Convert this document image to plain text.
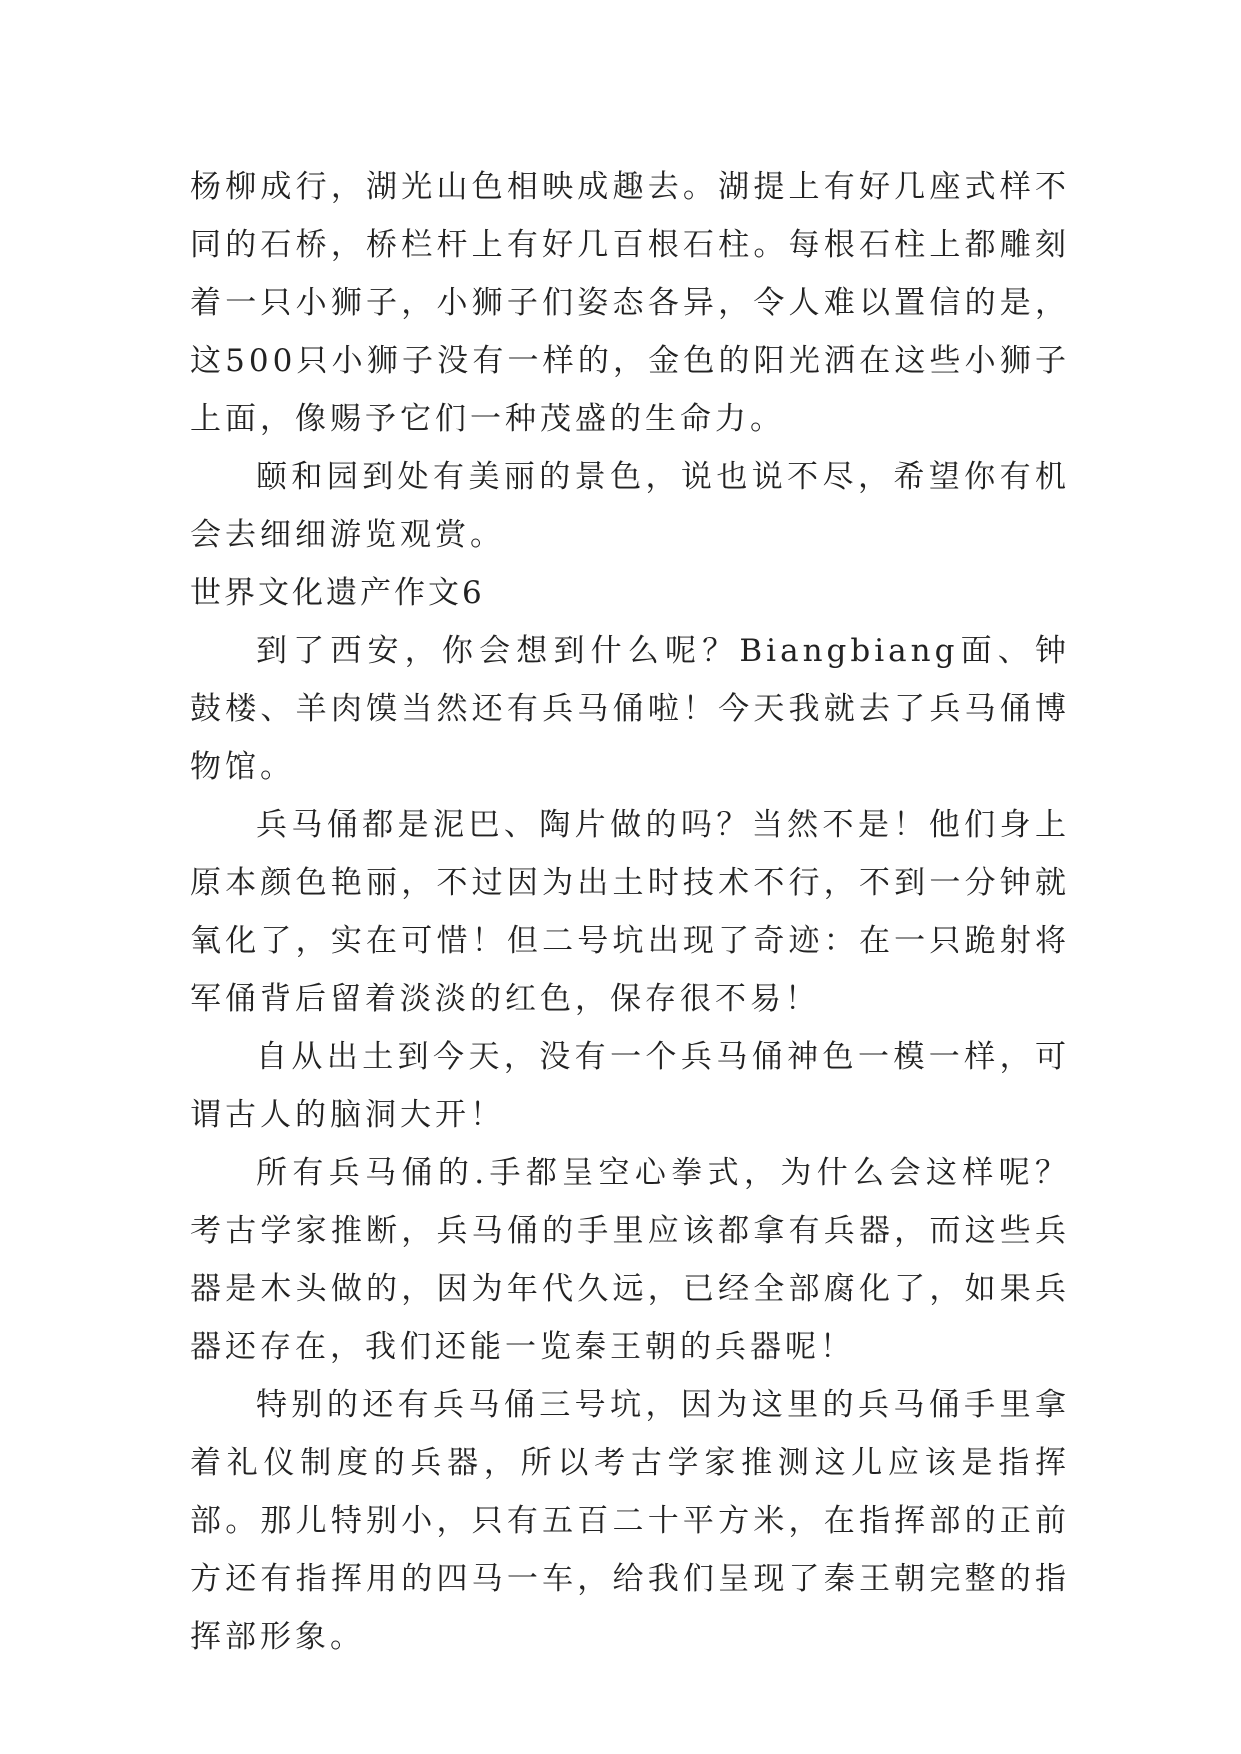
杨柳成行，湖光山色相映成趣去。湖提上有好几座式样不同的石桥，桥栏杆上有好几百根石柱。每根石柱上都雕刻着一只小狮子，小狮子们姿态各异，令人难以置信的是，这500只小狮子没有一样的，金色的阳光洒在这些小狮子上面，像赐予它们一种茂盛的生命力。

颐和园到处有美丽的景色，说也说不尽，希望你有机会去细细游览观赏。

世界文化遗产作文6

到了西安，你会想到什么呢？Biangbiang面、钟鼓楼、羊肉馍当然还有兵马俑啦！今天我就去了兵马俑博物馆。

兵马俑都是泥巴、陶片做的吗？当然不是！他们身上原本颜色艳丽，不过因为出土时技术不行，不到一分钟就氧化了，实在可惜！但二号坑出现了奇迹：在一只跪射将军俑背后留着淡淡的红色，保存很不易！

自从出土到今天，没有一个兵马俑神色一模一样，可谓古人的脑洞大开！

所有兵马俑的.手都呈空心拳式，为什么会这样呢？考古学家推断，兵马俑的手里应该都拿有兵器，而这些兵器是木头做的，因为年代久远，已经全部腐化了，如果兵器还存在，我们还能一览秦王朝的兵器呢！

特别的还有兵马俑三号坑，因为这里的兵马俑手里拿着礼仪制度的兵器，所以考古学家推测这儿应该是指挥部。那儿特别小，只有五百二十平方米，在指挥部的正前方还有指挥用的四马一车，给我们呈现了秦王朝完整的指挥部形象。
